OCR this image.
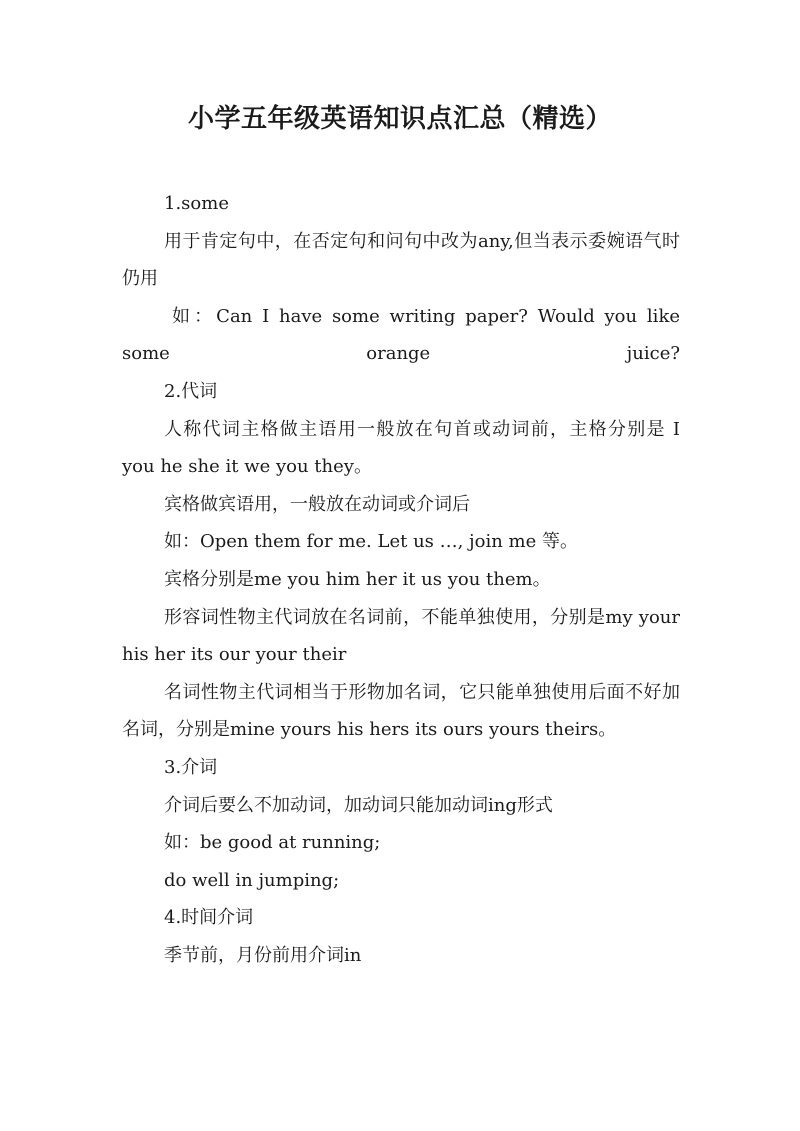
小学五年级英语知识点汇总（精选）

1.some

用于肯定句中，在否定句和问句中改为any,但当表示委婉语气时仍用

如：Can I have some writing paper? Would you like some orange juice?

2.代词

人称代词主格做主语用一般放在句首或动词前，主格分别是 I you he she it we you they。

宾格做宾语用，一般放在动词或介词后

如：Open them for me. Let us …, join me 等。

宾格分别是me you him her it us you them。

形容词性物主代词放在名词前，不能单独使用，分别是my your his her its our your their

名词性物主代词相当于形物加名词，它只能单独使用后面不好加名词，分别是mine yours his hers its ours yours theirs。

3.介词

介词后要么不加动词，加动词只能加动词ing形式

如：be good at running;

do well in jumping;

4.时间介词

季节前，月份前用介词in
